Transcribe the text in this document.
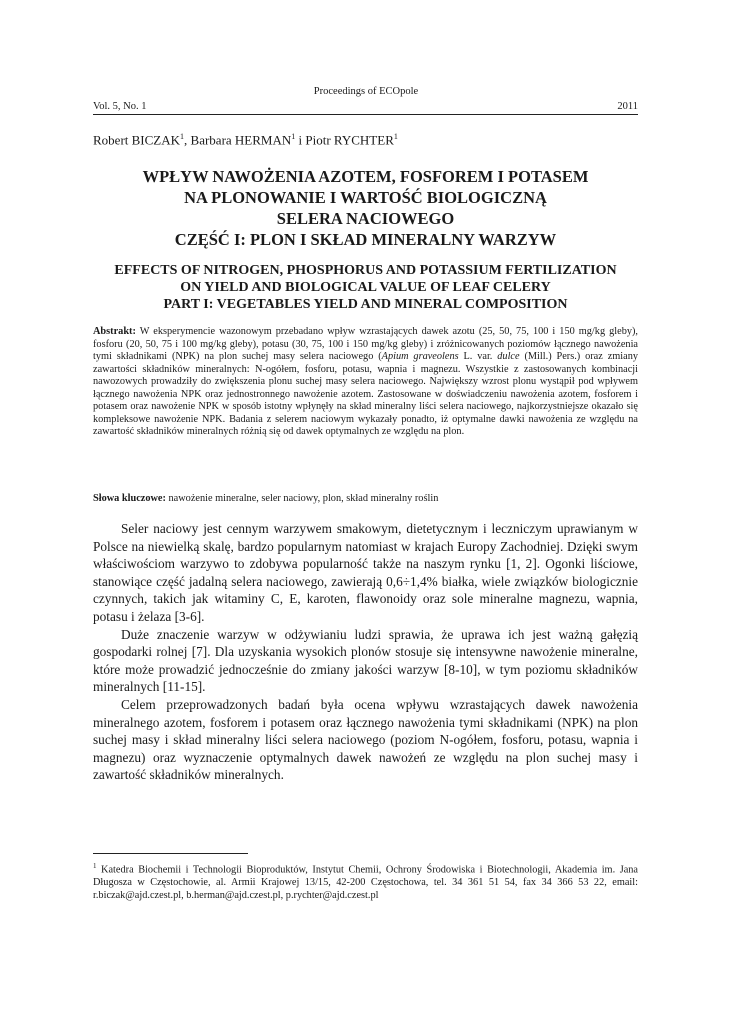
Proceedings of ECOpole
Vol. 5, No. 1	2011
Robert BICZAK$^1$, Barbara HERMAN$^1$ i Piotr RYCHTER$^1$
WPŁYW NAWOŻENIA AZOTEM, FOSFOREM I POTASEM
NA PLONOWANIE I WARTOŚĆ BIOLOGICZNĄ
SELERA NACIOWEGO
CZĘŚĆ I: PLON I SKŁAD MINERALNY WARZYW
EFFECTS OF NITROGEN, PHOSPHORUS AND POTASSIUM FERTILIZATION
ON YIELD AND BIOLOGICAL VALUE OF LEAF CELERY
PART I: VEGETABLES YIELD AND MINERAL COMPOSITION
Abstrakt: W eksperymencie wazonowym przebadano wpływ wzrastających dawek azotu (25, 50, 75, 100 i 150 mg/kg gleby), fosforu (20, 50, 75 i 100 mg/kg gleby), potasu (30, 75, 100 i 150 mg/kg gleby) i zróżnicowanych poziomów łącznego nawożenia tymi składnikami (NPK) na plon suchej masy selera naciowego (Apium graveolens L. var. dulce (Mill.) Pers.) oraz zmiany zawartości składników mineralnych: N-ogółem, fosforu, potasu, wapnia i magnezu. Wszystkie z zastosowanych kombinacji nawozowych prowadziły do zwiększenia plonu suchej masy selera naciowego. Największy wzrost plonu wystąpił pod wpływem łącznego nawożenia NPK oraz jednostronnego nawożenie azotem. Zastosowane w doświadczeniu nawożenia azotem, fosforem i potasem oraz nawożenie NPK w sposób istotny wpłynęły na skład mineralny liści selera naciowego, najkorzystniejsze okazało się kompleksowe nawożenie NPK. Badania z selerem naciowym wykazały ponadto, iż optymalne dawki nawożenia ze względu na zawartość składników mineralnych różnią się od dawek optymalnych ze względu na plon.
Słowa kluczowe: nawożenie mineralne, seler naciowy, plon, skład mineralny roślin

Seler naciowy jest cennym warzywem smakowym, dietetycznym i leczniczym uprawianym w Polsce na niewielką skalę, bardzo popularnym natomiast w krajach Europy Zachodniej. Dzięki swym właściwościom warzywo to zdobywa popularność także na naszym rynku [1, 2]. Ogonki liściowe, stanowiące część jadalną selera naciowego, zawierają 0,6÷1,4% białka, wiele związków biologicznie czynnych, takich jak witaminy C, E, karoten, flawonoidy oraz sole mineralne magnezu, wapnia, potasu i żelaza [3-6].

Duże znaczenie warzyw w odżywianiu ludzi sprawia, że uprawa ich jest ważną gałęzią gospodarki rolnej [7]. Dla uzyskania wysokich plonów stosuje się intensywne nawożenie mineralne, które może prowadzić jednocześnie do zmiany jakości warzyw [8-10], w tym poziomu składników mineralnych [11-15].

Celem przeprowadzonych badań była ocena wpływu wzrastających dawek nawożenia mineralnego azotem, fosforem i potasem oraz łącznego nawożenia tymi składnikami (NPK) na plon suchej masy i skład mineralny liści selera naciowego (poziom N-ogółem, fosforu, potasu, wapnia i magnezu) oraz wyznaczenie optymalnych dawek nawożeń ze względu na plon suchej masy i zawartość składników mineralnych.

$^1$ Katedra Biochemii i Technologii Bioproduktów, Instytut Chemii, Ochrony Środowiska i Biotechnologii, Akademia im. Jana Długosza w Częstochowie, al. Armii Krajowej 13/15, 42-200 Częstochowa, tel. 34 361 51 54, fax 34 366 53 22, email: r.biczak@ajd.czest.pl, b.herman@ajd.czest.pl, p.rychter@ajd.czest.pl
